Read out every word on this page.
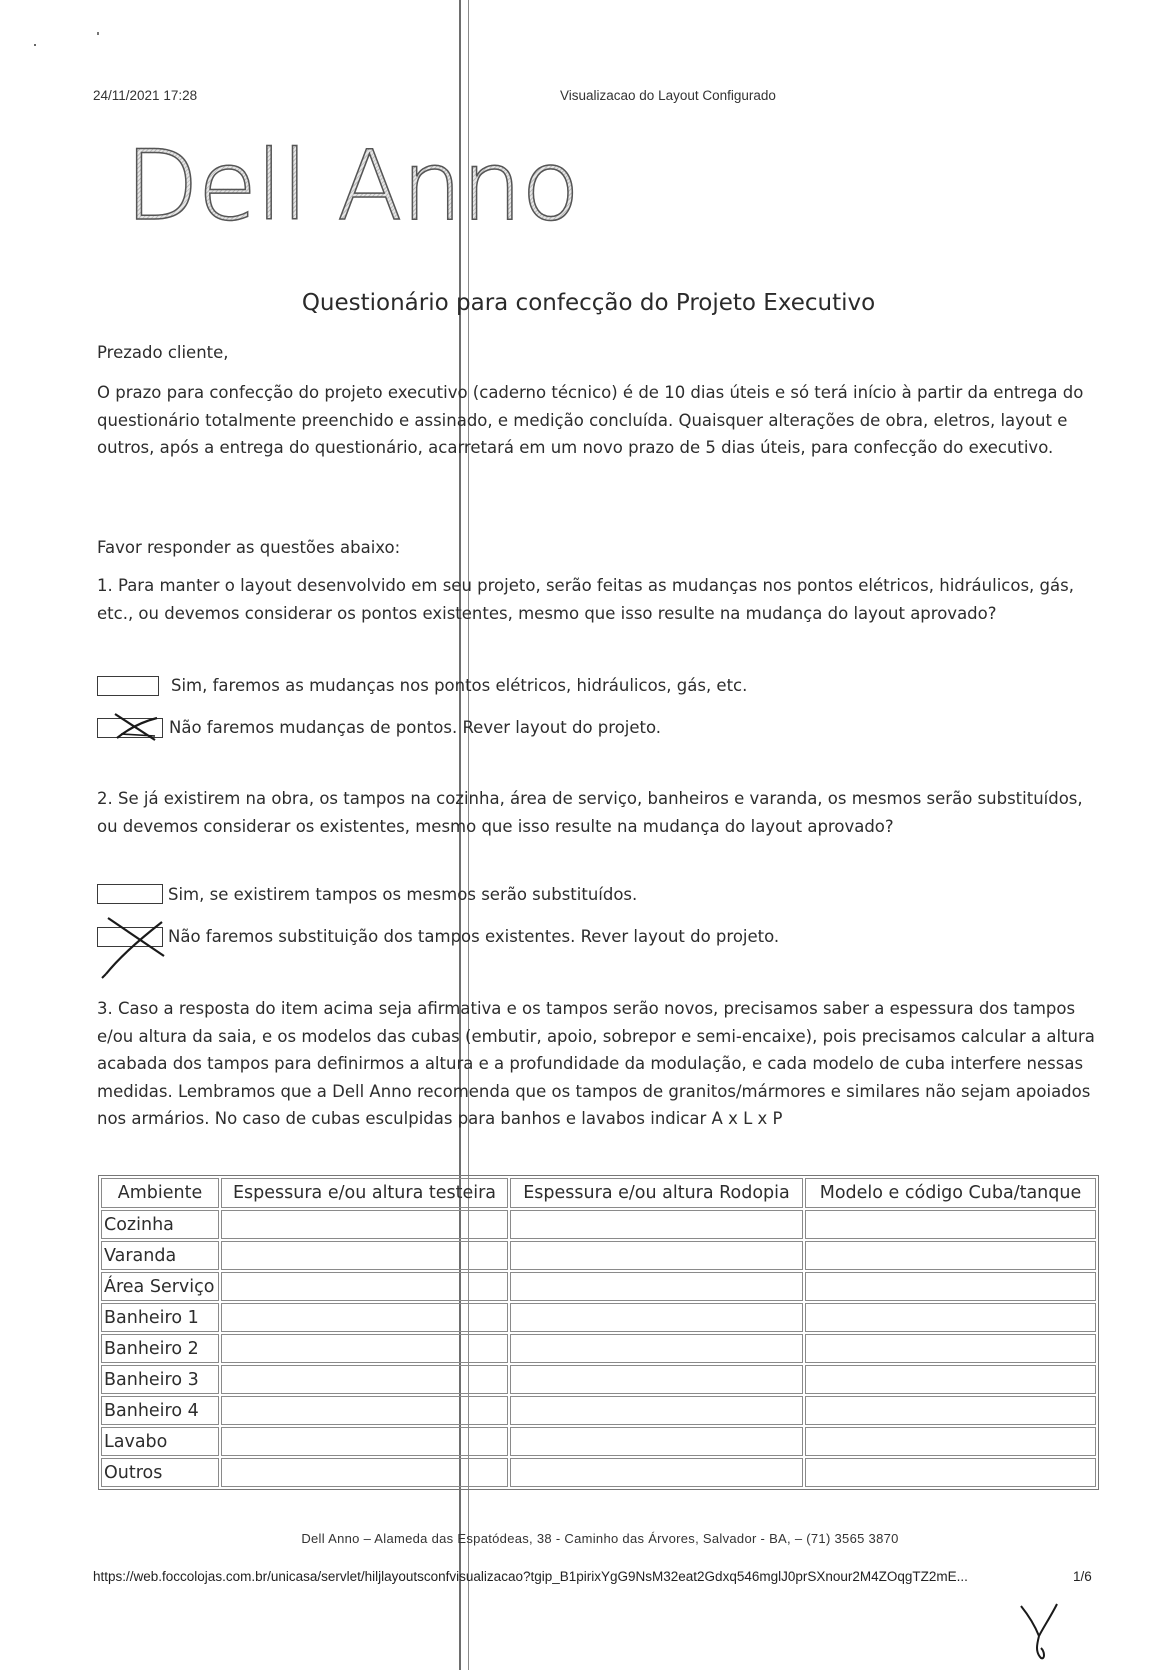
24/11/2021 17:28	Visualizacao do Layout Configurado
Dell Anno
Questionário para confecção do Projeto Executivo
Prezado cliente,
O prazo para confecção do projeto executivo (caderno técnico) é de 10 dias úteis e só terá início à partir da entrega do questionário totalmente preenchido e assinado, e medição concluída. Quaisquer alterações de obra, eletros, layout e outros, após a entrega do questionário, acarretará em um novo prazo de 5 dias úteis, para confecção do executivo.
Favor responder as questões abaixo:
1. Para manter o layout desenvolvido em seu projeto, serão feitas as mudanças nos pontos elétricos, hidráulicos, gás, etc., ou devemos considerar os pontos existentes, mesmo que isso resulte na mudança do layout aprovado?
Sim, faremos as mudanças nos pontos elétricos, hidráulicos, gás, etc.
Não faremos mudanças de pontos. Rever layout do projeto.
2. Se já existirem na obra, os tampos na cozinha, área de serviço, banheiros e varanda, os mesmos serão substituídos, ou devemos considerar os existentes, mesmo que isso resulte na mudança do layout aprovado?
Sim, se existirem tampos os mesmos serão substituídos.
Não faremos substituição dos tampos existentes. Rever layout do projeto.
3. Caso a resposta do item acima seja afirmativa e os tampos serão novos, precisamos saber a espessura dos tampos e/ou altura da saia, e os modelos das cubas (embutir, apoio, sobrepor e semi-encaixe), pois precisamos calcular a altura acabada dos tampos para definirmos a altura e a profundidade da modulação, e cada modelo de cuba interfere nessas medidas. Lembramos que a Dell Anno recomenda que os tampos de granitos/mármores e similares não sejam apoiados nos armários. No caso de cubas esculpidas para banhos e lavabos indicar A x L x P
Ambiente	Espessura e/ou altura testeira	Espessura e/ou altura Rodopia	Modelo e código Cuba/tanque
Cozinha			
Varanda			
Área Serviço			
Banheiro 1			
Banheiro 2			
Banheiro 3			
Banheiro 4			
Lavabo			
Outros			
Dell Anno – Alameda das Espatódeas, 38 - Caminho das Árvores, Salvador - BA, – (71) 3565 3870
https://web.foccolojas.com.br/unicasa/servlet/hiljlayoutsconfvisualizacao?tgip_B1pirixYgG9NsM32eat2Gdxq546mglJ0prSXnour2M4ZOqgTZ2mE...	1/6
